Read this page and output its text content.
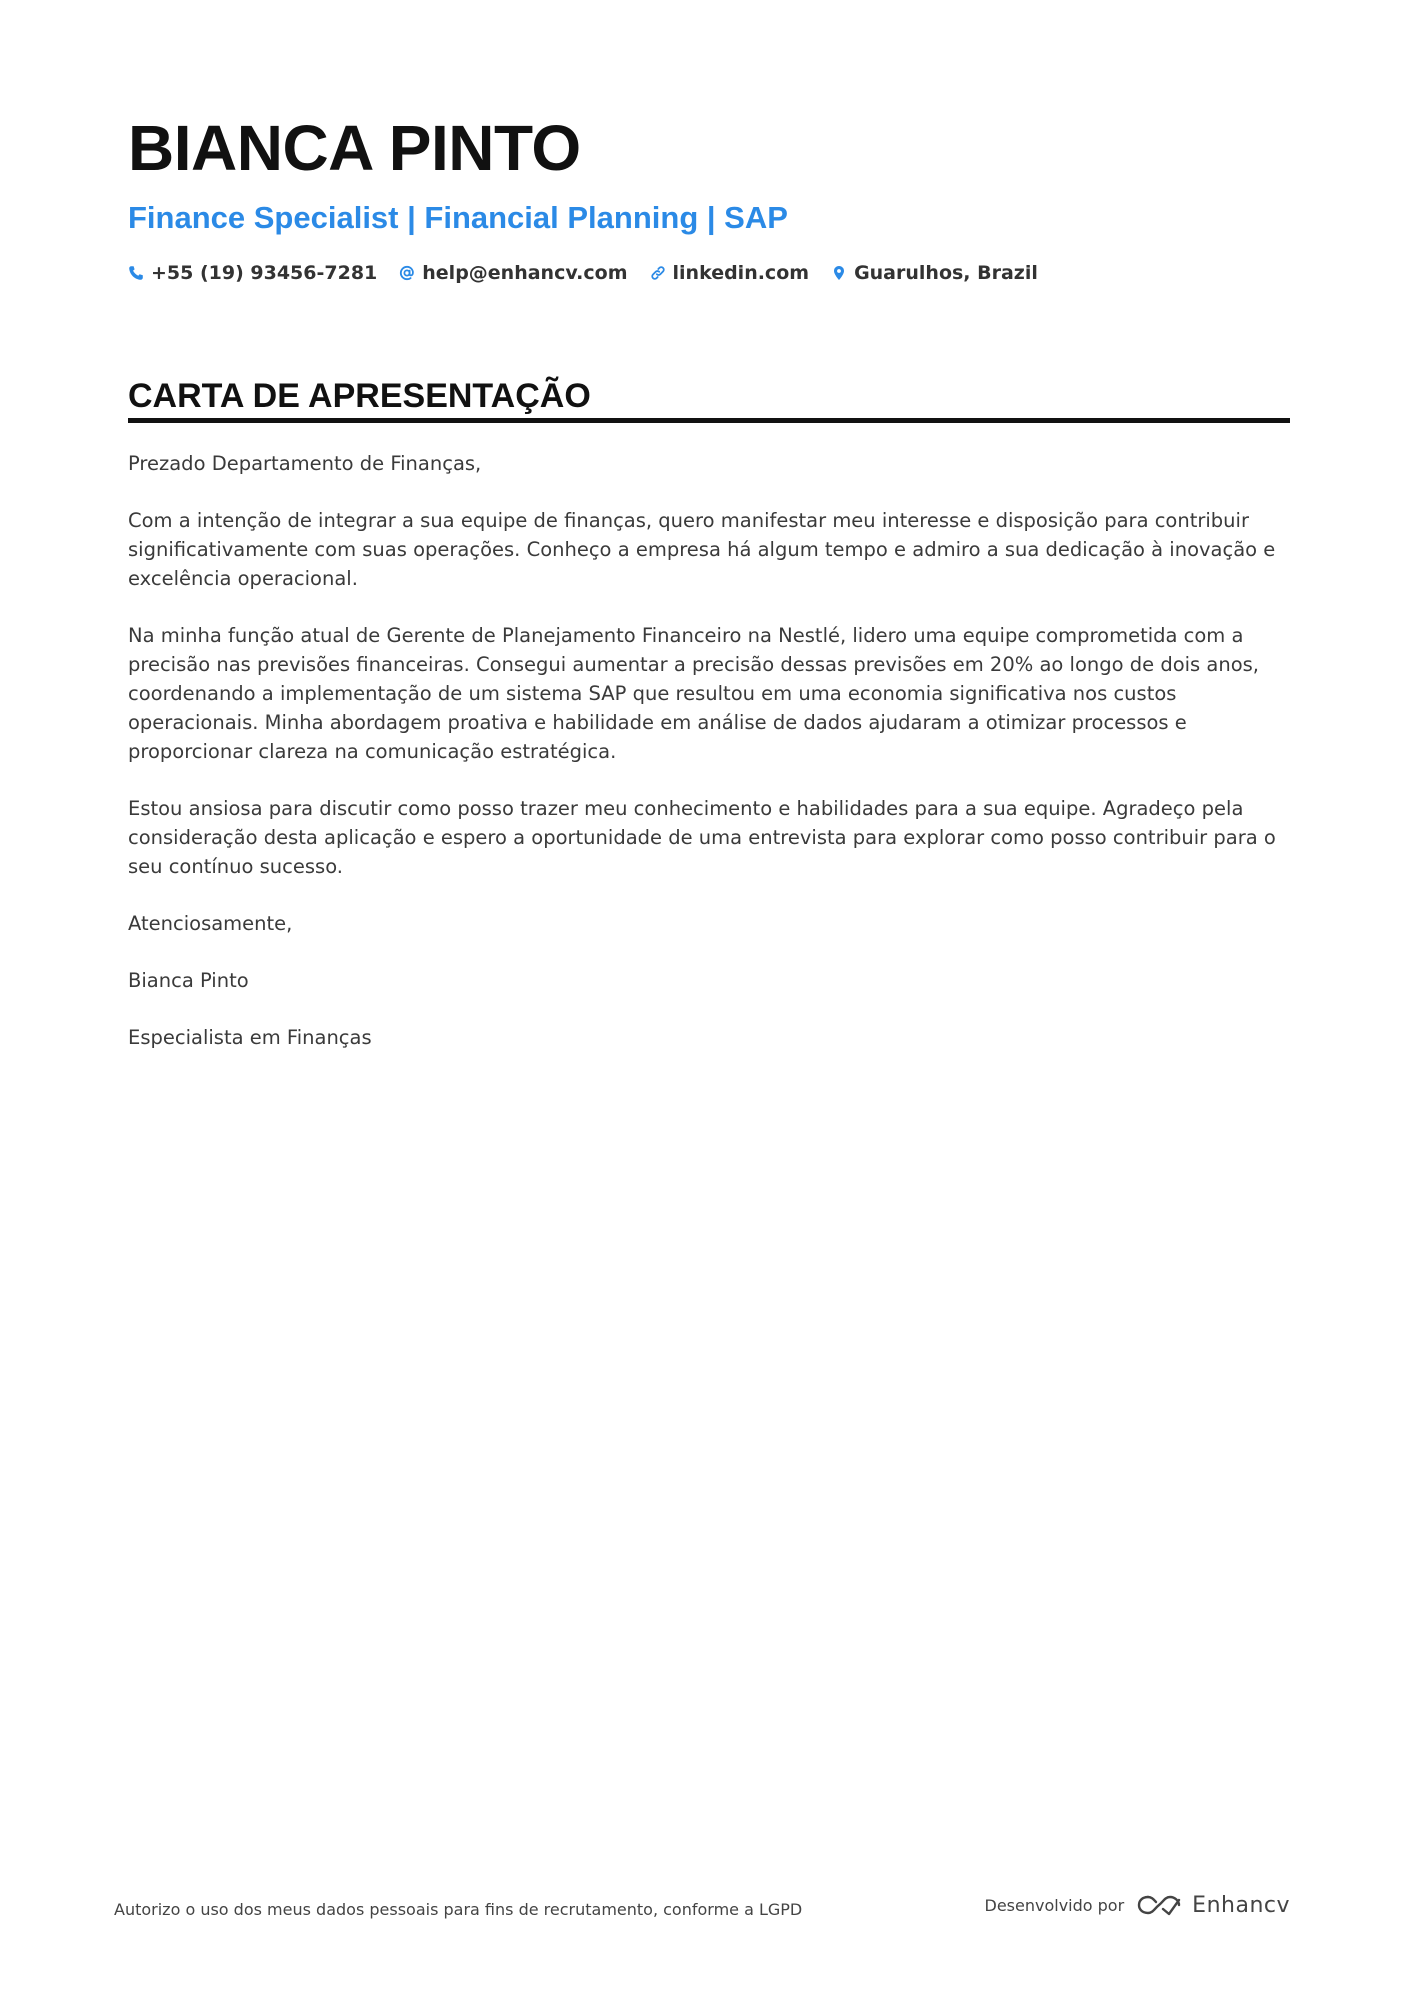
BIANCA PINTO
Finance Specialist | Financial Planning | SAP
+55 (19) 93456-7281 help@enhancv.com linkedin.com Guarulhos, Brazil
CARTA DE APRESENTAÇÃO

Prezado Departamento de Finanças,

Com a intenção de integrar a sua equipe de finanças, quero manifestar meu interesse e disposição para contribuir significativamente com suas operações. Conheço a empresa há algum tempo e admiro a sua dedicação à inovação e excelência operacional.

Na minha função atual de Gerente de Planejamento Financeiro na Nestlé, lidero uma equipe comprometida com a precisão nas previsões financeiras. Consegui aumentar a precisão dessas previsões em 20% ao longo de dois anos, coordenando a implementação de um sistema SAP que resultou em uma economia significativa nos custos operacionais. Minha abordagem proativa e habilidade em análise de dados ajudaram a otimizar processos e proporcionar clareza na comunicação estratégica.

Estou ansiosa para discutir como posso trazer meu conhecimento e habilidades para a sua equipe. Agradeço pela consideração desta aplicação e espero a oportunidade de uma entrevista para explorar como posso contribuir para o seu contínuo sucesso.

Atenciosamente,

Bianca Pinto

Especialista em Finanças

Autorizo o uso dos meus dados pessoais para fins de recrutamento, conforme a LGPD	Desenvolvido por	Enhancv
